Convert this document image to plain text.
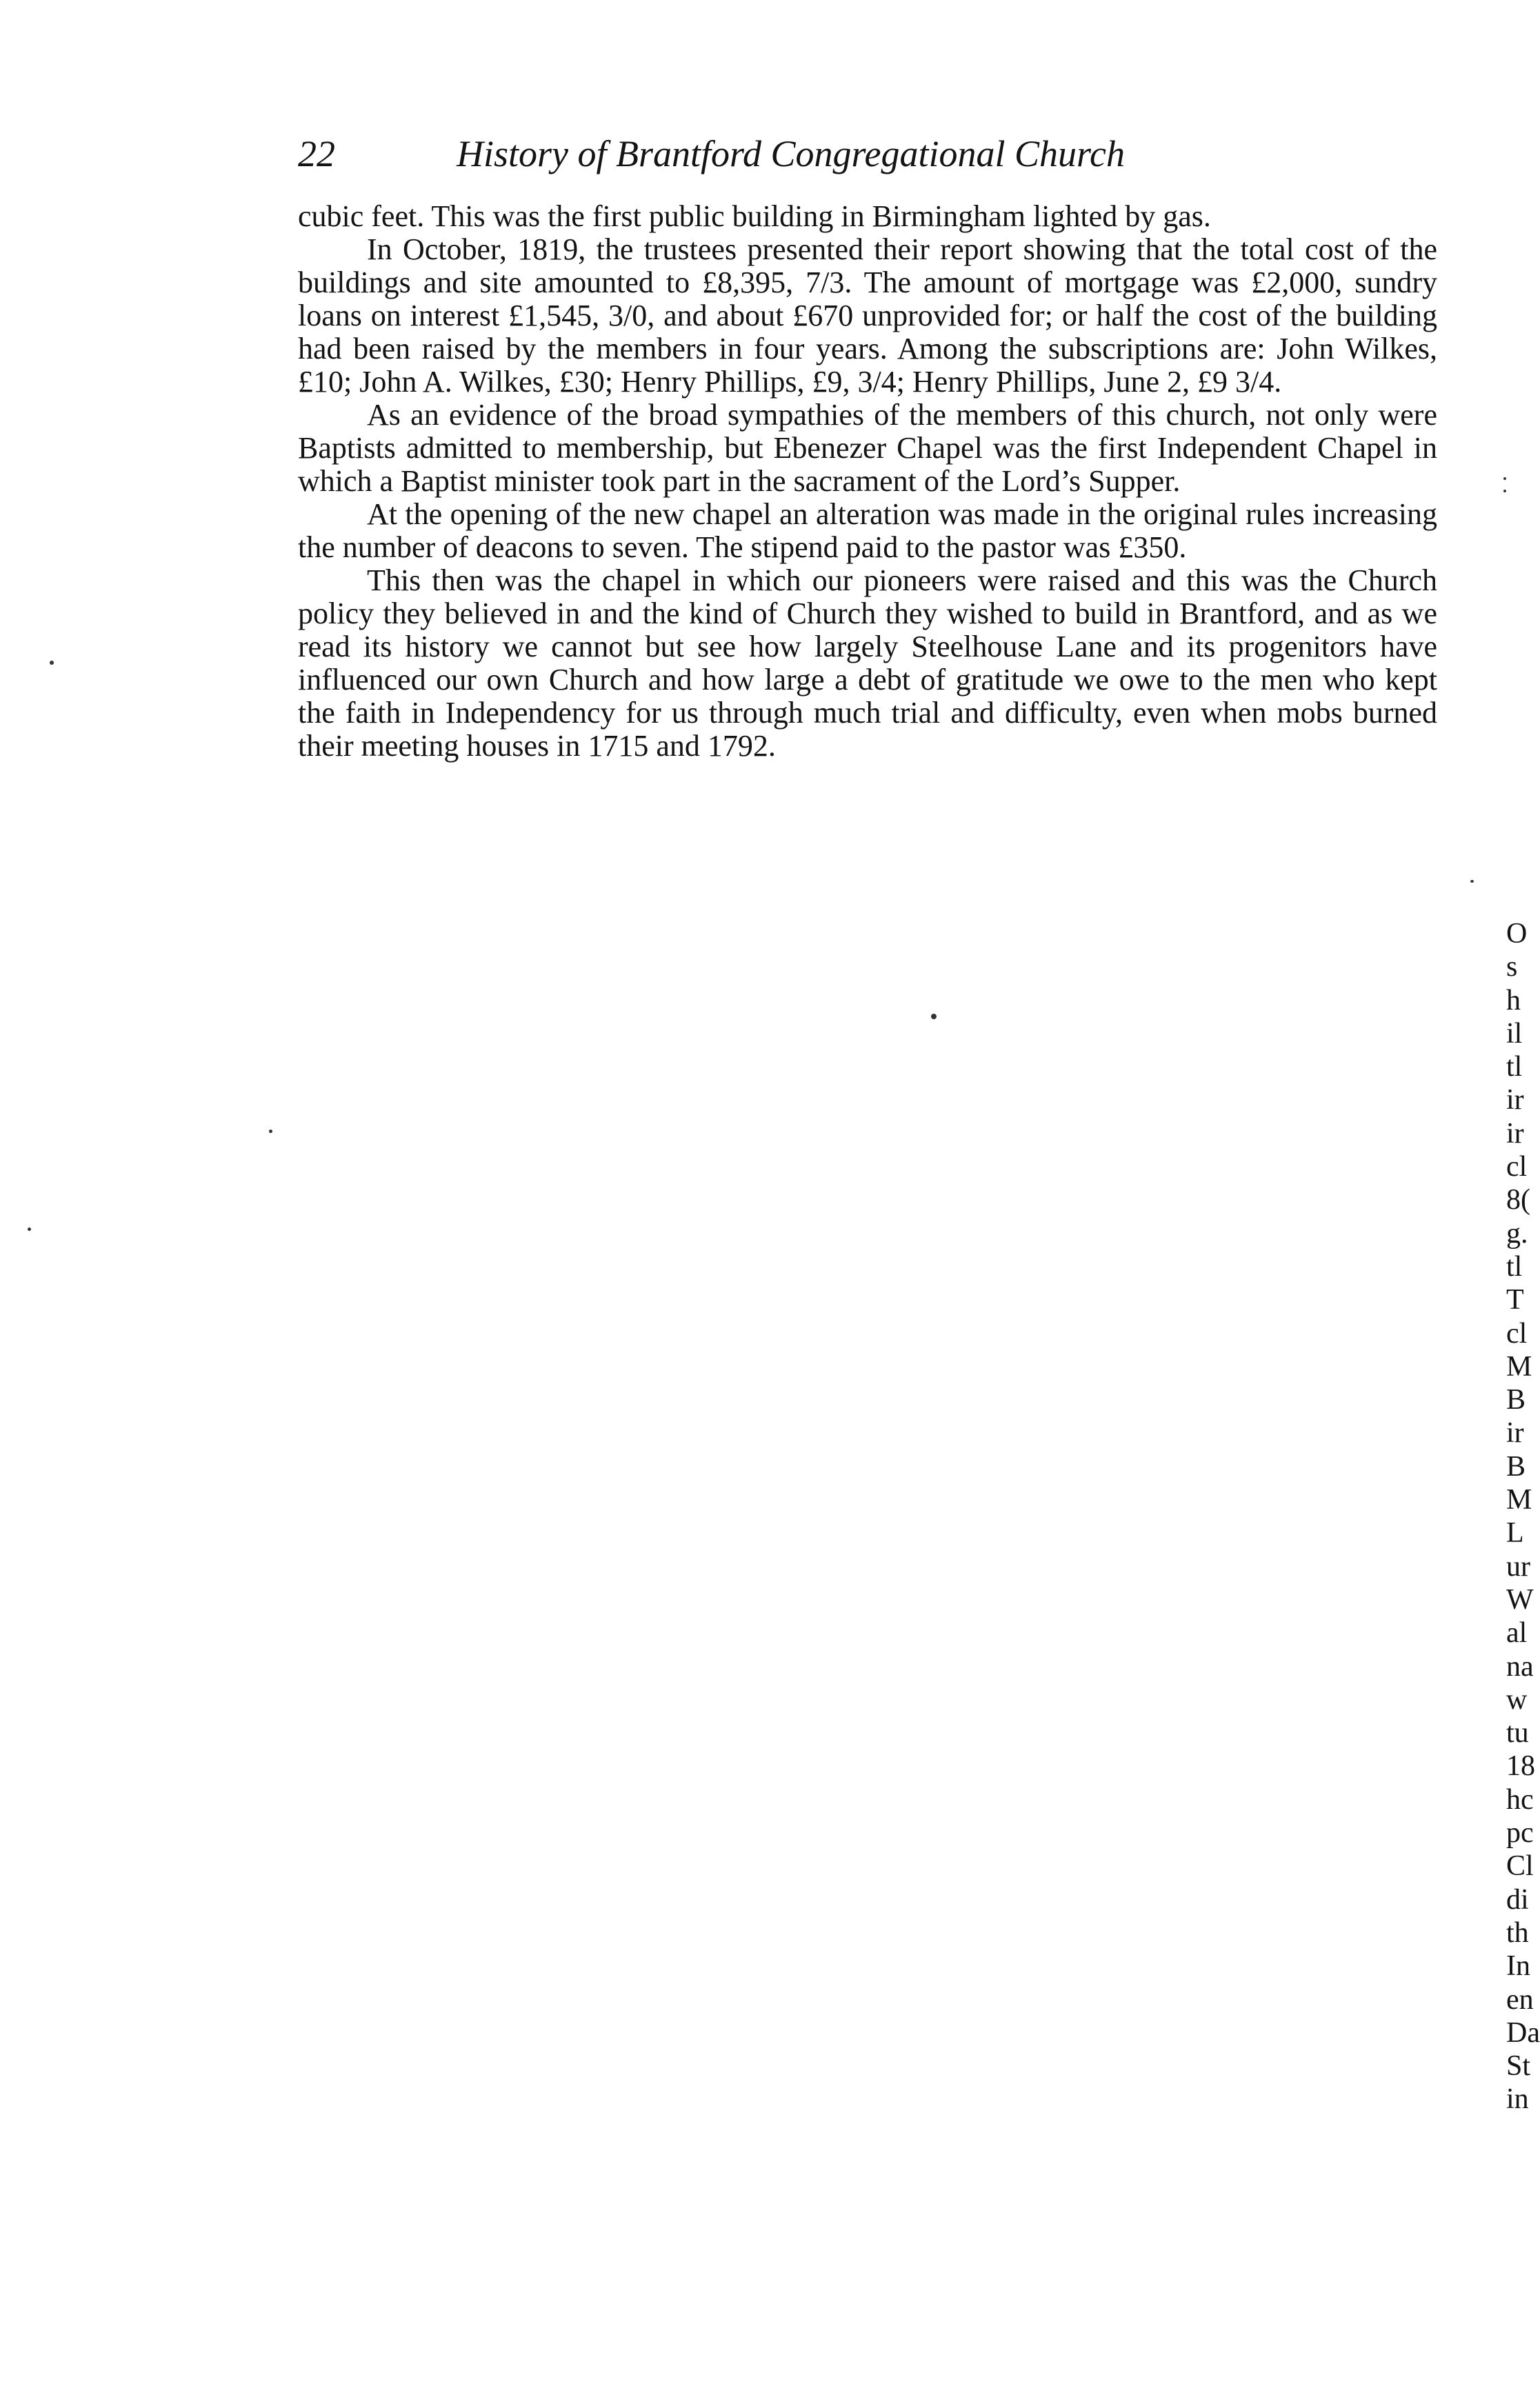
22	History of Brantford Congregational Church

cubic feet. This was the first public building in Birmingham lighted by gas.

In October, 1819, the trustees presented their report showing that the total cost of the buildings and site amounted to £8,395, 7/3. The amount of mortgage was £2,000, sundry loans on interest £1,545, 3/0, and about £670 unprovided for; or half the cost of the building had been raised by the members in four years. Among the subscriptions are: John Wilkes, £10; John A. Wilkes, £30; Henry Phillips, £9, 3/4; Henry Phillips, June 2, £9 3/4.

As an evidence of the broad sympathies of the members of this church, not only were Baptists admitted to membership, but Ebenezer Chapel was the first Independent Chapel in which a Baptist minister took part in the sacrament of the Lord’s Supper.

At the opening of the new chapel an alteration was made in the original rules increasing the number of deacons to seven. The stipend paid to the pastor was £350.

This then was the chapel in which our pioneers were raised and this was the Church policy they believed in and the kind of Church they wished to build in Brantford, and as we read its history we cannot but see how largely Steelhouse Lane and its progenitors have influenced our own Church and how large a debt of gratitude we owe to the men who kept the faith in Independency for us through much trial and difficulty, even when mobs burned their meeting houses in 1715 and 1792.

O
s
h
il
tl
ir
ir
cl
8(
g.
tl
T
cl
M
B
ir
B
M
L
ur
W
al
na
w
tu
18
hc
pc
Cl
di
th
In
en
Da
St
in
